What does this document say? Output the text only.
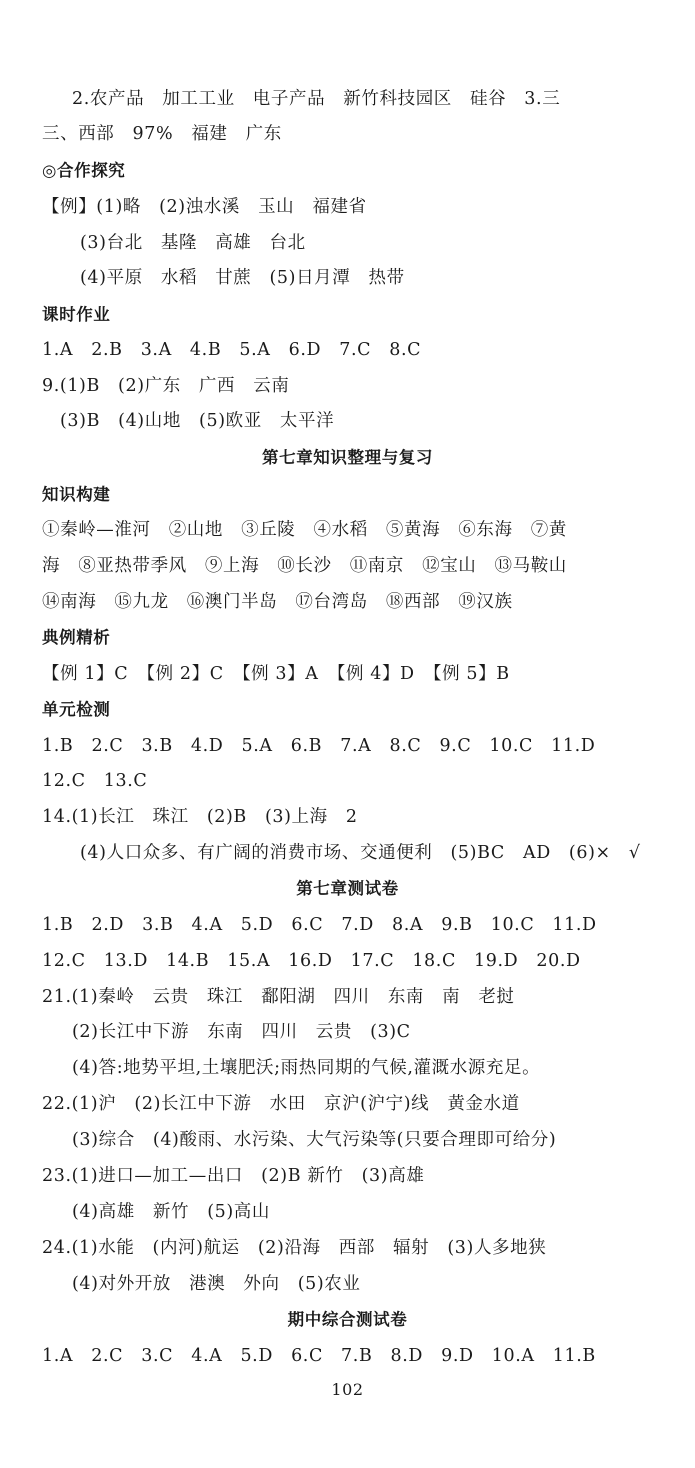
2.农产品　加工工业　电子产品　新竹科技园区　硅谷　3.三
三、西部　97%　福建　广东
◎合作探究
【例】(1)略　(2)浊水溪　玉山　福建省
(3)台北　基隆　高雄　台北
(4)平原　水稻　甘蔗　(5)日月潭　热带
课时作业
1.A　2.B　3.A　4.B　5.A　6.D　7.C　8.C
9.(1)B　(2)广东　广西　云南
(3)B　(4)山地　(5)欧亚　太平洋
第七章知识整理与复习
知识构建
①秦岭—淮河　②山地　③丘陵　④水稻　⑤黄海　⑥东海　⑦黄
海　⑧亚热带季风　⑨上海　⑩长沙　⑪南京　⑫宝山　⑬马鞍山
⑭南海　⑮九龙　⑯澳门半岛　⑰台湾岛　⑱西部　⑲汉族
典例精析
【例 1】C　【例 2】C　【例 3】A　【例 4】D　【例 5】B
单元检测
1.B　2.C　3.B　4.D　5.A　6.B　7.A　8.C　9.C　10.C　11.D
12.C　13.C
14.(1)长江　珠江　(2)B　(3)上海　2
(4)人口众多、有广阔的消费市场、交通便利　(5)BC　AD　(6)×　√
第七章测试卷
1.B　2.D　3.B　4.A　5.D　6.C　7.D　8.A　9.B　10.C　11.D
12.C　13.D　14.B　15.A　16.D　17.C　18.C　19.D　20.D
21.(1)秦岭　云贵　珠江　鄱阳湖　四川　东南　南　老挝
(2)长江中下游　东南　四川　云贵　(3)C
(4)答:地势平坦,土壤肥沃;雨热同期的气候,灌溉水源充足。
22.(1)沪　(2)长江中下游　水田　京沪(沪宁)线　黄金水道
(3)综合　(4)酸雨、水污染、大气污染等(只要合理即可给分)
23.(1)进口—加工—出口　(2)B 新竹　(3)高雄
(4)高雄　新竹　(5)高山
24.(1)水能　(内河)航运　(2)沿海　西部　辐射　(3)人多地狭
(4)对外开放　港澳　外向　(5)农业
期中综合测试卷
1.A　2.C　3.C　4.A　5.D　6.C　7.B　8.D　9.D　10.A　11.B
102
